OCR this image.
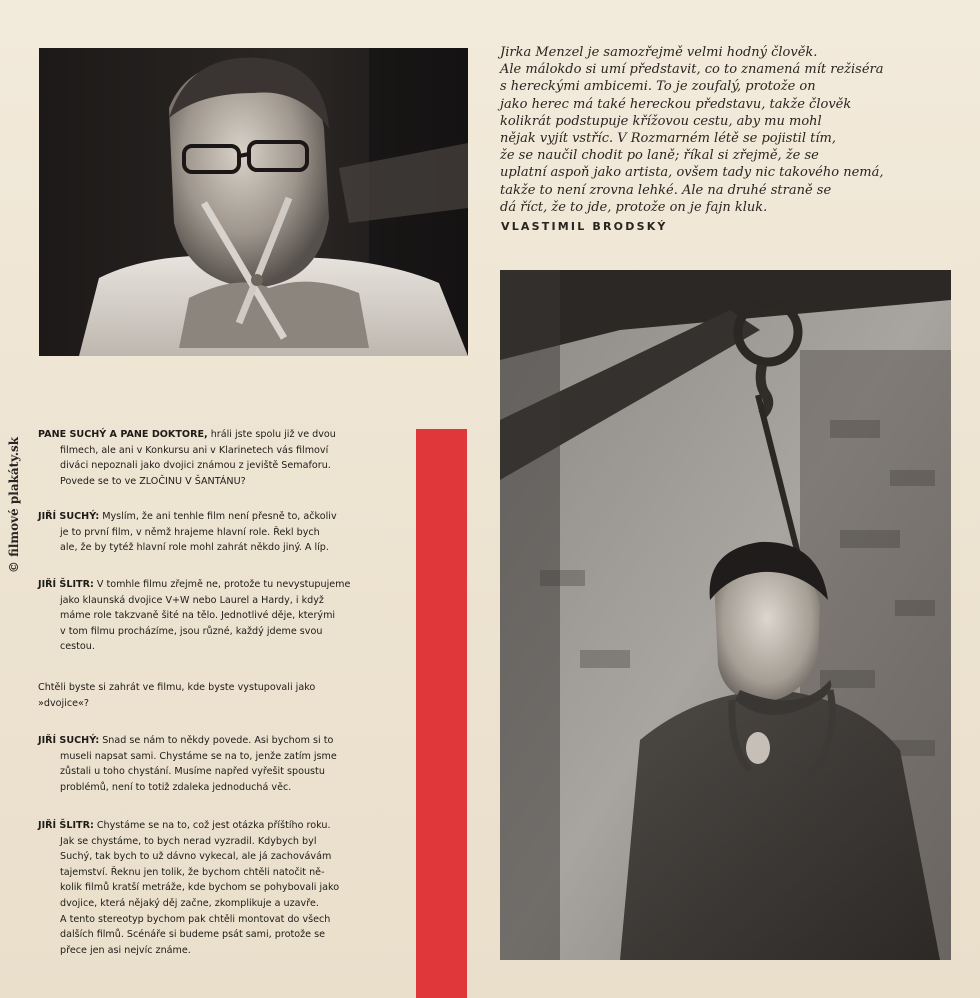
© filmové plakáty.sk
Jirka Menzel je samozřejmě velmi hodný člověk.
Ale málokdo si umí představit, co to znamená mít režiséra
s hereckými ambicemi. To je zoufalý, protože on
jako herec má také hereckou představu, takže člověk
kolikrát podstupuje křížovou cestu, aby mu mohl
nějak vyjít vstříc. V Rozmarném létě se pojistil tím,
že se naučil chodit po laně; říkal si zřejmě, že se
uplatní aspoň jako artista, ovšem tady nic takového nemá,
takže to není zrovna lehké. Ale na druhé straně se
dá říct, že to jde, protože on je fajn kluk.
VLASTIMIL BRODSKÝ
PANE SUCHÝ A PANE DOKTORE, hráli jste spolu již ve dvou
filmech, ale ani v Konkursu ani v Klarinetech vás filmoví
diváci nepoznali jako dvojici známou z jeviště Semaforu.
Povede se to ve ZLOČINU V ŠANTÁNU?
JIŘÍ SUCHÝ: Myslím, že ani tenhle film není přesně to, ačkoliv
je to první film, v němž hrajeme hlavní role. Řekl bych
ale, že by tytéž hlavní role mohl zahrát někdo jiný. A líp.
JIŘÍ ŠLITR: V tomhle filmu zřejmě ne, protože tu nevystupujeme
jako klaunská dvojice V+W nebo Laurel a Hardy, i když
máme role takzvaně šité na tělo. Jednotlivé děje, kterými
v tom filmu procházíme, jsou různé, každý jdeme svou
cestou.
Chtěli byste si zahrát ve filmu, kde byste vystupovali jako
»dvojice«?
JIŘÍ SUCHÝ: Snad se nám to někdy povede. Asi bychom si to
museli napsat sami. Chystáme se na to, jenže zatím jsme
zůstali u toho chystání. Musíme napřed vyřešit spoustu
problémů, není to totiž zdaleka jednoduchá věc.
JIŘÍ ŠLITR: Chystáme se na to, což jest otázka příštího roku.
Jak se chystáme, to bych nerad vyzradil. Kdybych byl
Suchý, tak bych to už dávno vykecal, ale já zachovávám
tajemství. Řeknu jen tolik, že bychom chtěli natočit ně-
kolik filmů kratší metráže, kde bychom se pohybovali jako
dvojice, která nějaký děj začne, zkomplikuje a uzavře.
A tento stereotyp bychom pak chtěli montovat do všech
dalších filmů. Scénáře si budeme psát sami, protože se
přece jen asi nejvíc známe.
